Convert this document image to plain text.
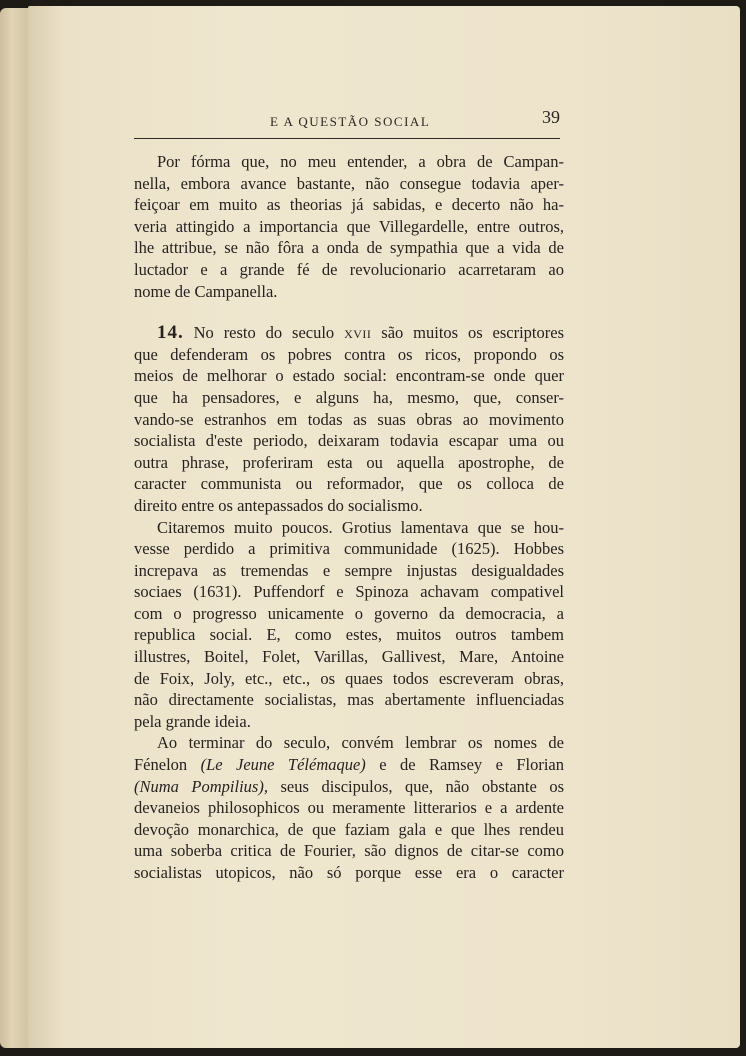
E A QUESTÃO SOCIAL	39
Por fórma que, no meu entender, a obra de Campan-
nella, embora avance bastante, não consegue todavia aper-
feiçoar em muito as theorias já sabidas, e decerto não ha-
veria attingido a importancia que Villegardelle, entre outros,
lhe attribue, se não fôra a onda de sympathia que a vida de
luctador e a grande fé de revolucionario acarretaram ao
nome de Campanella.
14. No resto do seculo XVII são muitos os escriptores
que defenderam os pobres contra os ricos, propondo os
meios de melhorar o estado social: encontram-se onde quer
que ha pensadores, e alguns ha, mesmo, que, conser-
vando-se estranhos em todas as suas obras ao movimento
socialista d'este periodo, deixaram todavia escapar uma ou
outra phrase, proferiram esta ou aquella apostrophe, de
caracter communista ou reformador, que os colloca de
direito entre os antepassados do socialismo.
Citaremos muito poucos. Grotius lamentava que se hou-
vesse perdido a primitiva communidade (1625). Hobbes
increpava as tremendas e sempre injustas desigualdades
sociaes (1631). Puffendorf e Spinoza achavam compativel
com o progresso unicamente o governo da democracia, a
republica social. E, como estes, muitos outros tambem
illustres, Boitel, Folet, Varillas, Gallivest, Mare, Antoine
de Foix, Joly, etc., etc., os quaes todos escreveram obras,
não directamente socialistas, mas abertamente influenciadas
pela grande ideia.
Ao terminar do seculo, convém lembrar os nomes de
Fénelon (Le Jeune Télémaque) e de Ramsey e Florian
(Numa Pompilius), seus discipulos, que, não obstante os
devaneios philosophicos ou meramente litterarios e a ardente
devoção monarchica, de que faziam gala e que lhes rendeu
uma soberba critica de Fourier, são dignos de citar-se como
socialistas utopicos, não só porque esse era o caracter
